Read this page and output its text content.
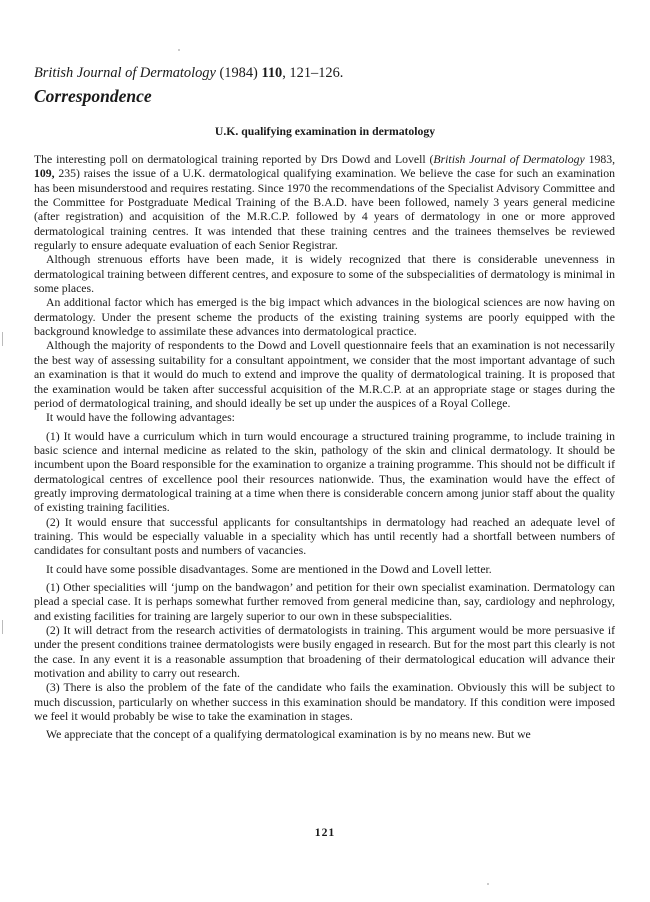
British Journal of Dermatology (1984) 110, 121–126.
Correspondence
U.K. qualifying examination in dermatology

The interesting poll on dermatological training reported by Drs Dowd and Lovell (British Journal of Dermatology 1983, 109, 235) raises the issue of a U.K. dermatological qualifying examination. We believe the case for such an examination has been misunderstood and requires restating. Since 1970 the recommendations of the Specialist Advisory Committee and the Committee for Postgraduate Medical Training of the B.A.D. have been followed, namely 3 years general medicine (after registration) and acquisition of the M.R.C.P. followed by 4 years of dermatology in one or more approved dermatological training centres. It was intended that these training centres and the trainees themselves be reviewed regularly to ensure adequate evaluation of each Senior Registrar.

Although strenuous efforts have been made, it is widely recognized that there is considerable unevenness in dermatological training between different centres, and exposure to some of the subspecialities of dermatology is minimal in some places.

An additional factor which has emerged is the big impact which advances in the biological sciences are now having on dermatology. Under the present scheme the products of the existing training systems are poorly equipped with the background knowledge to assimilate these advances into dermatological practice.

Although the majority of respondents to the Dowd and Lovell questionnaire feels that an examination is not necessarily the best way of assessing suitability for a consultant appointment, we consider that the most important advantage of such an examination is that it would do much to extend and improve the quality of dermatological training. It is proposed that the examination would be taken after successful acquisition of the M.R.C.P. at an appropriate stage or stages during the period of dermatological training, and should ideally be set up under the auspices of a Royal College.

It would have the following advantages:

(1) It would have a curriculum which in turn would encourage a structured training programme, to include training in basic science and internal medicine as related to the skin, pathology of the skin and clinical dermatology. It should be incumbent upon the Board responsible for the examination to organize a training programme. This should not be difficult if dermatological centres of excellence pool their resources nationwide. Thus, the examination would have the effect of greatly improving dermatological training at a time when there is considerable concern among junior staff about the quality of existing training facilities.

(2) It would ensure that successful applicants for consultantships in dermatology had reached an adequate level of training. This would be especially valuable in a speciality which has until recently had a shortfall between numbers of candidates for consultant posts and numbers of vacancies.

It could have some possible disadvantages. Some are mentioned in the Dowd and Lovell letter.

(1) Other specialities will ‘jump on the bandwagon’ and petition for their own specialist examination. Dermatology can plead a special case. It is perhaps somewhat further removed from general medicine than, say, cardiology and nephrology, and existing facilities for training are largely superior to our own in these subspecialities.

(2) It will detract from the research activities of dermatologists in training. This argument would be more persuasive if under the present conditions trainee dermatologists were busily engaged in research. But for the most part this clearly is not the case. In any event it is a reasonable assumption that broadening of their dermatological education will advance their motivation and ability to carry out research.

(3) There is also the problem of the fate of the candidate who fails the examination. Obviously this will be subject to much discussion, particularly on whether success in this examination should be mandatory. If this condition were imposed we feel it would probably be wise to take the examination in stages.

We appreciate that the concept of a qualifying dermatological examination is by no means new. But we

121
